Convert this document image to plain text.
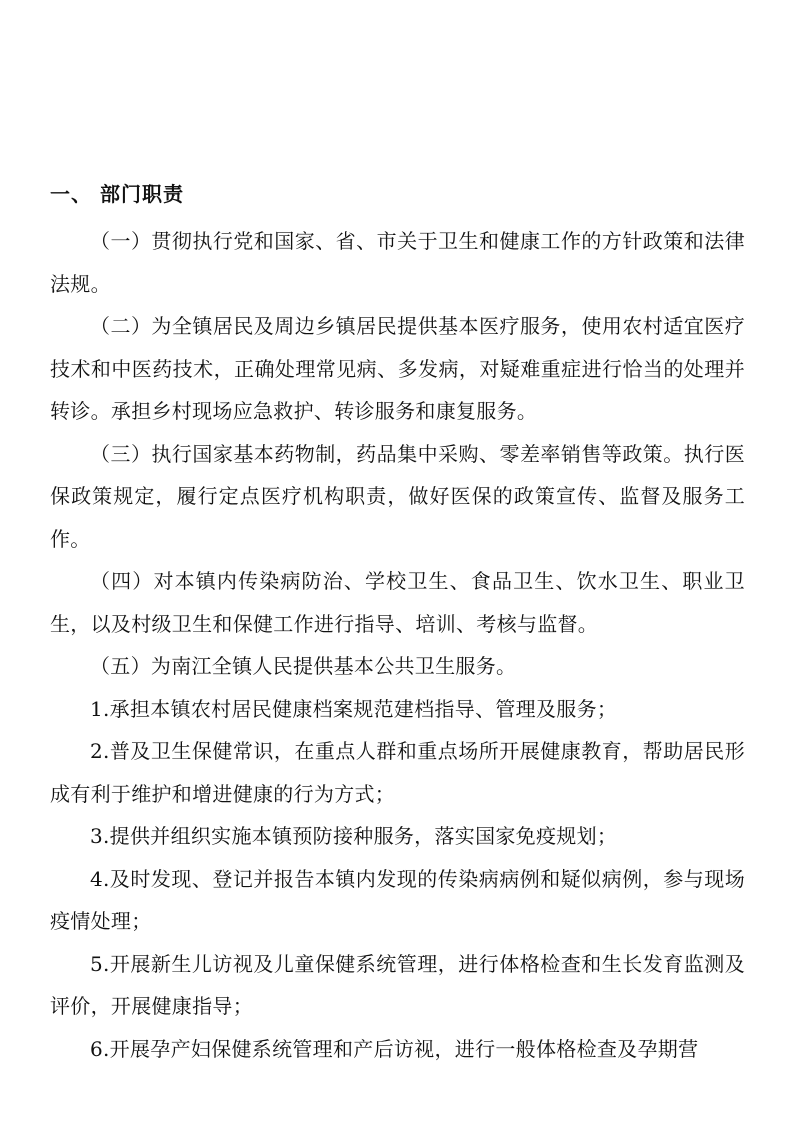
一、 部门职责

（一）贯彻执行党和国家、省、市关于卫生和健康工作的方针政策和法律法规。

（二）为全镇居民及周边乡镇居民提供基本医疗服务，使用农村适宜医疗技术和中医药技术，正确处理常见病、多发病，对疑难重症进行恰当的处理并转诊。承担乡村现场应急救护、转诊服务和康复服务。

（三）执行国家基本药物制，药品集中采购、零差率销售等政策。执行医保政策规定，履行定点医疗机构职责，做好医保的政策宣传、监督及服务工作。

（四）对本镇内传染病防治、学校卫生、食品卫生、饮水卫生、职业卫生，以及村级卫生和保健工作进行指导、培训、考核与监督。

（五）为南江全镇人民提供基本公共卫生服务。

1.承担本镇农村居民健康档案规范建档指导、管理及服务；

2.普及卫生保健常识，在重点人群和重点场所开展健康教育，帮助居民形成有利于维护和增进健康的行为方式；

3.提供并组织实施本镇预防接种服务，落实国家免疫规划；

4.及时发现、登记并报告本镇内发现的传染病病例和疑似病例，参与现场疫情处理；

5.开展新生儿访视及儿童保健系统管理，进行体格检查和生长发育监测及评价，开展健康指导；

6.开展孕产妇保健系统管理和产后访视，进行一般体格检查及孕期营
